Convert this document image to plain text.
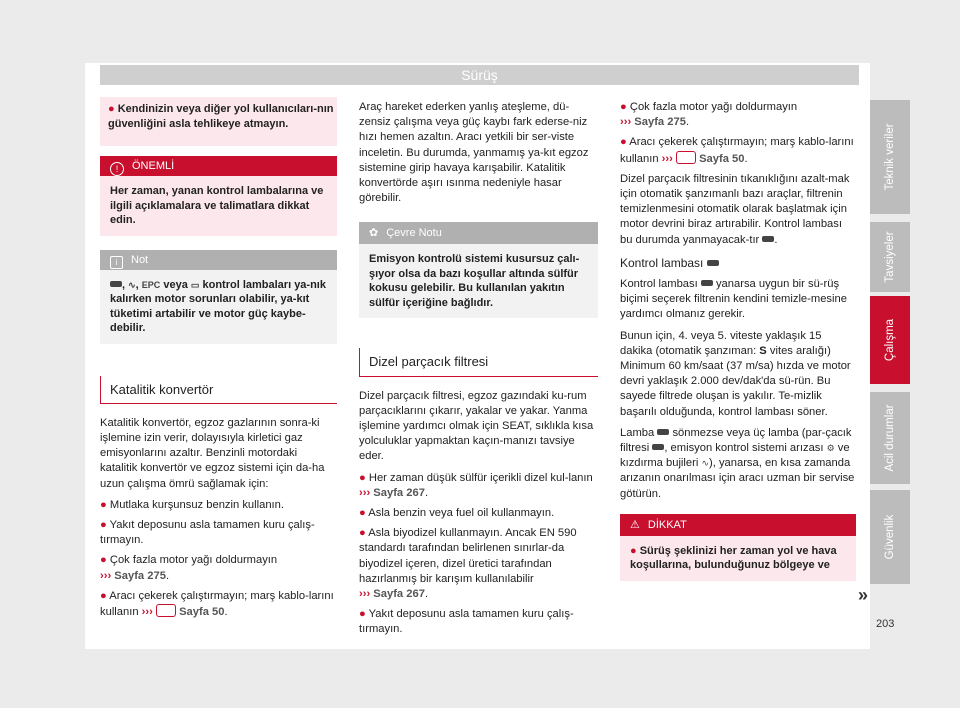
Sürüş
● Kendinizin veya diğer yol kullanıcıları-nın güvenliğini asla tehlikeye atmayın.
! ÖNEMLİ
Her zaman, yanan kontrol lambalarına ve ilgili açıklamalara ve talimatlara dikkat edin.
i Not
, ∿, EPC veya ▭ kontrol lambaları ya-nık kalırken motor sorunları olabilir, ya-kıt tüketimi artabilir ve motor güç kaybe-debilir.
Katalitik konvertör

Katalitik konvertör, egzoz gazlarının sonra-ki işlemine izin verir, dolayısıyla kirletici gaz emisyonlarını azaltır. Benzinli motordaki katalitik konvertör ve egzoz sistemi için da-ha uzun çalışma ömrü sağlamak için:

● Mutlaka kurşunsuz benzin kullanın.
● Yakıt deposunu asla tamamen kuru çalış-tırmayın.
● Çok fazla motor yağı doldurmayın
››› Sayfa 275.
● Aracı çekerek çalıştırmayın; marş kablo-larını kullanın ››› Sayfa 50.

Araç hareket ederken yanlış ateşleme, dü-zensiz çalışma veya güç kaybı fark ederse-niz hızı hemen azaltın. Aracı yetkili bir ser-viste inceletin. Bu durumda, yanmamış ya-kıt egzoz sistemine girip havaya karışabilir. Katalitik konvertörde aşırı ısınma nedeniyle hasar görebilir.

✿ Çevre Notu
Emisyon kontrolü sistemi kusursuz çalı-şıyor olsa da bazı koşullar altında sülfür kokusu gelebilir. Bu kullanılan yakıtın sülfür içeriğine bağlıdır.
Dizel parçacık filtresi

Dizel parçacık filtresi, egzoz gazındaki ku-rum parçacıklarını çıkarır, yakalar ve yakar. Yanma işlemine yardımcı olmak için SEAT, sıklıkla kısa yolculuklar yapmaktan kaçın-manızı tavsiye eder.

● Her zaman düşük sülfür içerikli dizel kul-lanın ››› Sayfa 267.
● Asla benzin veya fuel oil kullanmayın.
● Asla biyodizel kullanmayın. Ancak EN 590 standardı tarafından belirlenen sınırlar-da biyodizel içeren, dizel üretici tarafından hazırlanmış bir karışım kullanılabilir
››› Sayfa 267.
● Yakıt deposunu asla tamamen kuru çalış-tırmayın.
● Çok fazla motor yağı doldurmayın
››› Sayfa 275.
● Aracı çekerek çalıştırmayın; marş kablo-larını kullanın ››› Sayfa 50.

Dizel parçacık filtresinin tıkanıklığını azalt-mak için otomatik şanzımanlı bazı araçlar, filtrenin temizlenmesini otomatik olarak başlatmak için motor devrini biraz artırabilir. Kontrol lambası bu durumda yanmayacak-tır .

Kontrol lambası

Kontrol lambası yanarsa uygun bir sü-rüş biçimi seçerek filtrenin kendini temizle-mesine yardımcı olmanız gerekir.

Bunun için, 4. veya 5. viteste yaklaşık 15 dakika (otomatik şanzıman: S vites aralığı) Minimum 60 km/saat (37 m/sa) hızda ve motor devri yaklaşık 2.000 dev/dak'da sü-rün. Bu sayede filtrede oluşan is yakılır. Te-mizlik başarılı olduğunda, kontrol lambası söner.

Lamba sönmezse veya üç lamba (par-çacık filtresi , emisyon kontrol sistemi arızası ⚙ ve kızdırma bujileri ∿), yanarsa, en kısa zamanda arızanın onarılması için aracı uzman bir servise götürün.

⚠ DİKKAT
● Sürüş şeklinizi her zaman yol ve hava koşullarına, bulunduğunuz bölgeye ve
»
Teknik veriler
Tavsiyeler
Çalışma
Acil durumlar
Güvenlik
203
